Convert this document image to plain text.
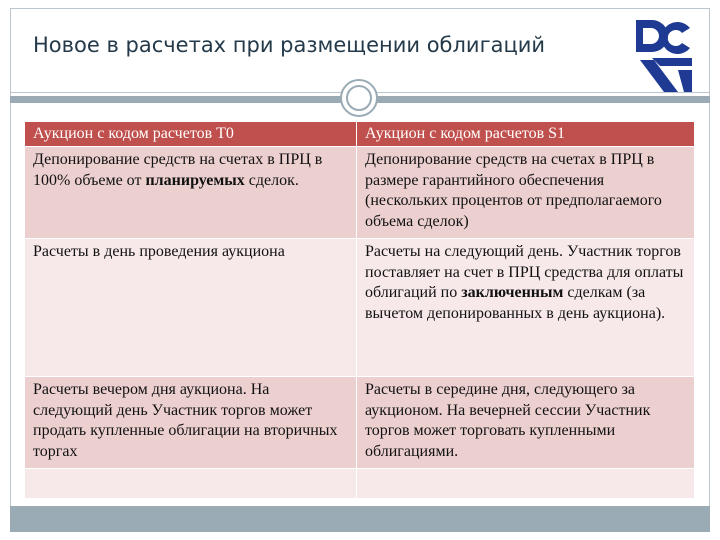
Новое в расчетах при размещении облигаций
Аукцион с кодом расчетов Т0	Аукцион с кодом расчетов S1
Депонирование средств на счетах в ПРЦ в 100% объеме от планируемых сделок.	Депонирование средств на счетах в ПРЦ в размере гарантийного обеспечения (нескольких процентов от предполагаемого объема сделок)
Расчеты в день проведения аукциона	Расчеты на следующий день. Участник торгов поставляет на счет в ПРЦ средства для оплаты облигаций по заключенным сделкам (за вычетом депонированных в день аукциона).
Расчеты вечером дня аукциона. На следующий день Участник торгов может продать купленные облигации на вторичных торгах	Расчеты в середине дня, следующего за аукционом. На вечерней сессии Участник торгов может торговать купленными облигациями.
